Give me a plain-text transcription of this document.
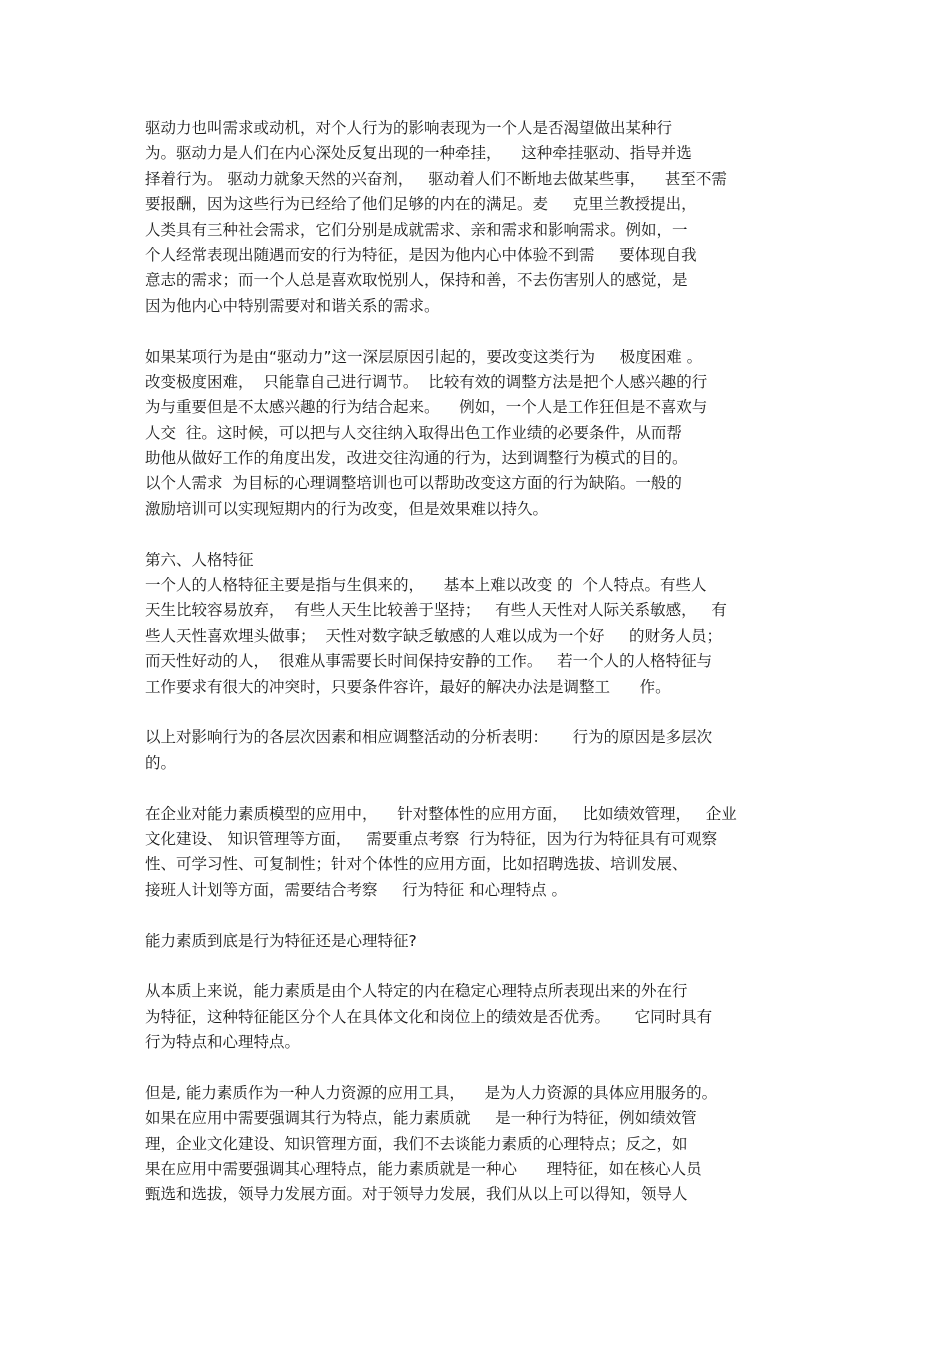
驱动力也叫需求或动机，对个人行为的影响表现为一个人是否渴望做出某种行
为。驱动力是人们在内心深处反复出现的一种牵挂，    这种牵挂驱动、指导并选
择着行为。 驱动力就象天然的兴奋剂，   驱动着人们不断地去做某些事，    甚至不需
要报酬，因为这些行为已经给了他们足够的内在的满足。麦     克里兰教授提出，
人类具有三种社会需求，它们分别是成就需求、亲和需求和影响需求。例如，一
个人经常表现出随遇而安的行为特征，是因为他内心中体验不到需     要体现自我
意志的需求；而一个人总是喜欢取悦别人，保持和善，不去伤害别人的感觉，是
因为他内心中特别需要对和谐关系的需求。
如果某项行为是由“驱动力”这一深层原因引起的，要改变这类行为     极度困难 。
改变极度困难，  只能靠自己进行调节。  比较有效的调整方法是把个人感兴趣的行
为与重要但是不太感兴趣的行为结合起来。    例如，一个人是工作狂但是不喜欢与
人交  往。这时候，可以把与人交往纳入取得出色工作业绩的必要条件，从而帮
助他从做好工作的角度出发，改进交往沟通的行为，达到调整行为模式的目的。
以个人需求  为目标的心理调整培训也可以帮助改变这方面的行为缺陷。一般的
激励培训可以实现短期内的行为改变，但是效果难以持久。
第六、人格特征
一个人的人格特征主要是指与生俱来的，    基本上难以改变 的  个人特点。有些人
天生比较容易放弃，  有些人天生比较善于坚持；   有些人天性对人际关系敏感，   有
些人天性喜欢埋头做事；  天性对数字缺乏敏感的人难以成为一个好     的财务人员；
而天性好动的人，  很难从事需要长时间保持安静的工作。   若一个人的人格特征与
工作要求有很大的冲突时，只要条件容许，最好的解决办法是调整工      作。
以上对影响行为的各层次因素和相应调整活动的分析表明：     行为的原因是多层次
的。
在企业对能力素质模型的应用中，    针对整体性的应用方面，   比如绩效管理，   企业
文化建设、 知识管理等方面，   需要重点考察  行为特征，因为行为特征具有可观察
性、可学习性、可复制性；针对个体性的应用方面，比如招聘选拔、培训发展、
接班人计划等方面，需要结合考察     行为特征 和心理特点 。
能力素质到底是行为特征还是心理特征?
从本质上来说，能力素质是由个人特定的内在稳定心理特点所表现出来的外在行
为特征，这种特征能区分个人在具体文化和岗位上的绩效是否优秀。     它同时具有
行为特点和心理特点。
但是, 能力素质作为一种人力资源的应用工具，    是为人力资源的具体应用服务的。
如果在应用中需要强调其行为特点，能力素质就     是一种行为特征，例如绩效管
理，企业文化建设、知识管理方面，我们不去谈能力素质的心理特点；反之，如
果在应用中需要强调其心理特点，能力素质就是一种心      理特征，如在核心人员
甄选和选拔，领导力发展方面。对于领导力发展，我们从以上可以得知，领导人
